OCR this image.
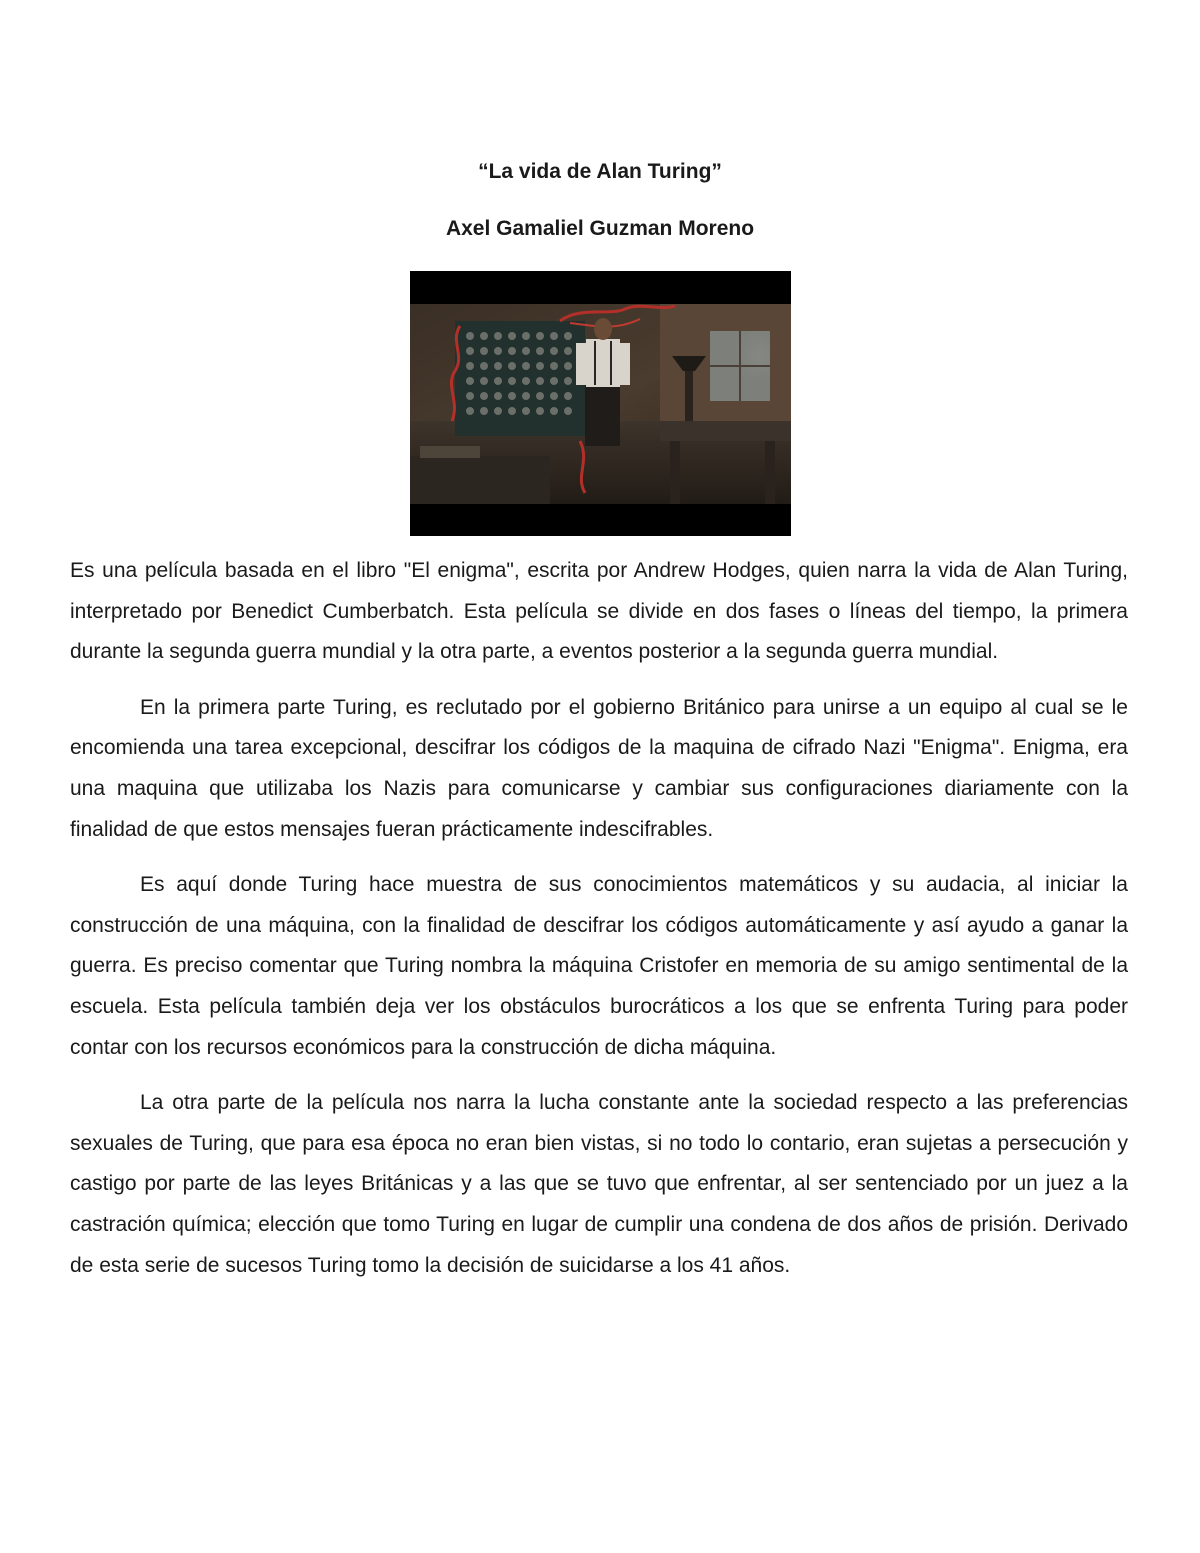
“La vida de Alan Turing”
Axel Gamaliel Guzman Moreno

Es una película basada en el libro "El enigma", escrita por Andrew Hodges, quien narra la vida de Alan Turing, interpretado por Benedict Cumberbatch. Esta película se divide en dos fases o líneas del tiempo, la primera durante la segunda guerra mundial y la otra parte, a eventos posterior a la segunda guerra mundial.

En la primera parte Turing, es reclutado por el gobierno Británico para unirse a un equipo al cual se le encomienda una tarea excepcional, descifrar los códigos de la maquina de cifrado Nazi "Enigma". Enigma, era una maquina que utilizaba los Nazis para comunicarse y cambiar sus configuraciones diariamente con la finalidad de que estos mensajes fueran prácticamente indescifrables.

Es aquí donde Turing hace muestra de sus conocimientos matemáticos y su audacia, al iniciar la construcción de una máquina, con la finalidad de descifrar los códigos automáticamente y así ayudo a ganar la guerra. Es preciso comentar que Turing nombra la máquina Cristofer en memoria de su amigo sentimental de la escuela. Esta película también deja ver los obstáculos burocráticos a los que se enfrenta Turing para poder contar con los recursos económicos para la construcción de dicha máquina.

La otra parte de la película nos narra la lucha constante ante la sociedad respecto a las preferencias sexuales de Turing, que para esa época no eran bien vistas, si no todo lo contario, eran sujetas a persecución y castigo por parte de las leyes Británicas y a las que se tuvo que enfrentar, al ser sentenciado por un juez a la castración química; elección que tomo Turing en lugar de cumplir una condena de dos años de prisión. Derivado de esta serie de sucesos Turing tomo la decisión de suicidarse a los 41 años.
